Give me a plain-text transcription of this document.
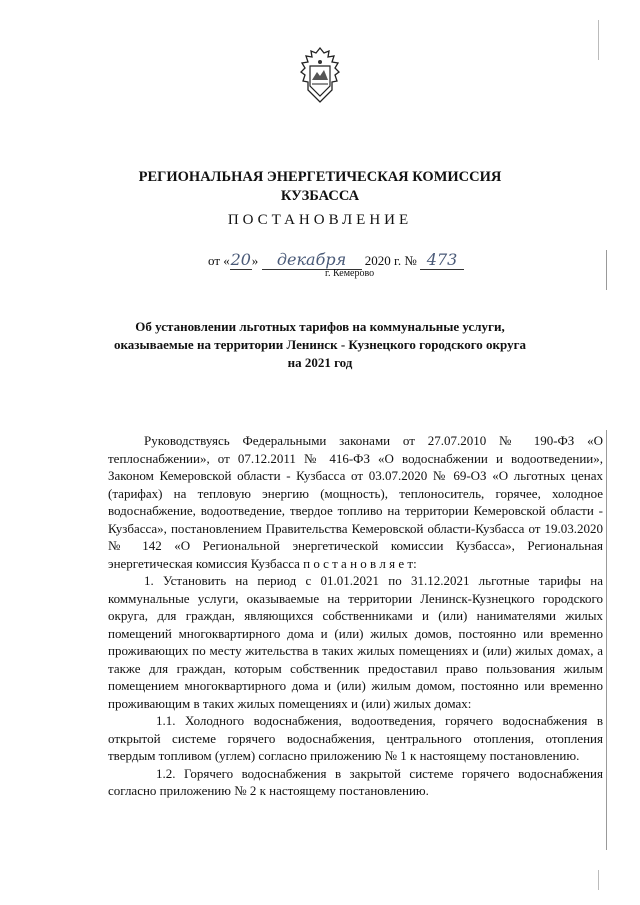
РЕГИОНАЛЬНАЯ ЭНЕРГЕТИЧЕСКАЯ КОМИССИЯ
КУЗБАССА
ПОСТАНОВЛЕНИЕ
от «20» декабря 2020 г. № 473
г. Кемерово
Об установлении льготных тарифов на коммунальные услуги,
оказываемые на территории Ленинск - Кузнецкого городского округа
на 2021 год

Руководствуясь Федеральными законами от 27.07.2010 № 190-ФЗ «О теплоснабжении», от 07.12.2011 № 416-ФЗ «О водоснабжении и водоотведении», Законом Кемеровской области - Кузбасса от 03.07.2020 № 69-ОЗ «О льготных ценах (тарифах) на тепловую энергию (мощность), теплоноситель, горячее, холодное водоснабжение, водоотведение, твердое топливо на территории Кемеровской области - Кузбасса», постановлением Правительства Кемеровской области-Кузбасса от 19.03.2020 № 142 «О Региональной энергетической комиссии Кузбасса», Региональная энергетическая комиссия Кузбасса п о с т а н о в л я е т:

1. Установить на период с 01.01.2021 по 31.12.2021 льготные тарифы на коммунальные услуги, оказываемые на территории Ленинск-Кузнецкого городского округа, для граждан, являющихся собственниками и (или) нанимателями жилых помещений многоквартирного дома и (или) жилых домов, постоянно или временно проживающих по месту жительства в таких жилых помещениях и (или) жилых домах, а также для граждан, которым собственник предоставил право пользования жилым помещением многоквартирного дома и (или) жилым домом, постоянно или временно проживающим в таких жилых помещениях и (или) жилых домах:

1.1. Холодного водоснабжения, водоотведения, горячего водоснабжения в открытой системе горячего водоснабжения, центрального отопления, отопления твердым топливом (углем) согласно приложению № 1 к настоящему постановлению.

1.2. Горячего водоснабжения в закрытой системе горячего водоснабжения согласно приложению № 2 к настоящему постановлению.
